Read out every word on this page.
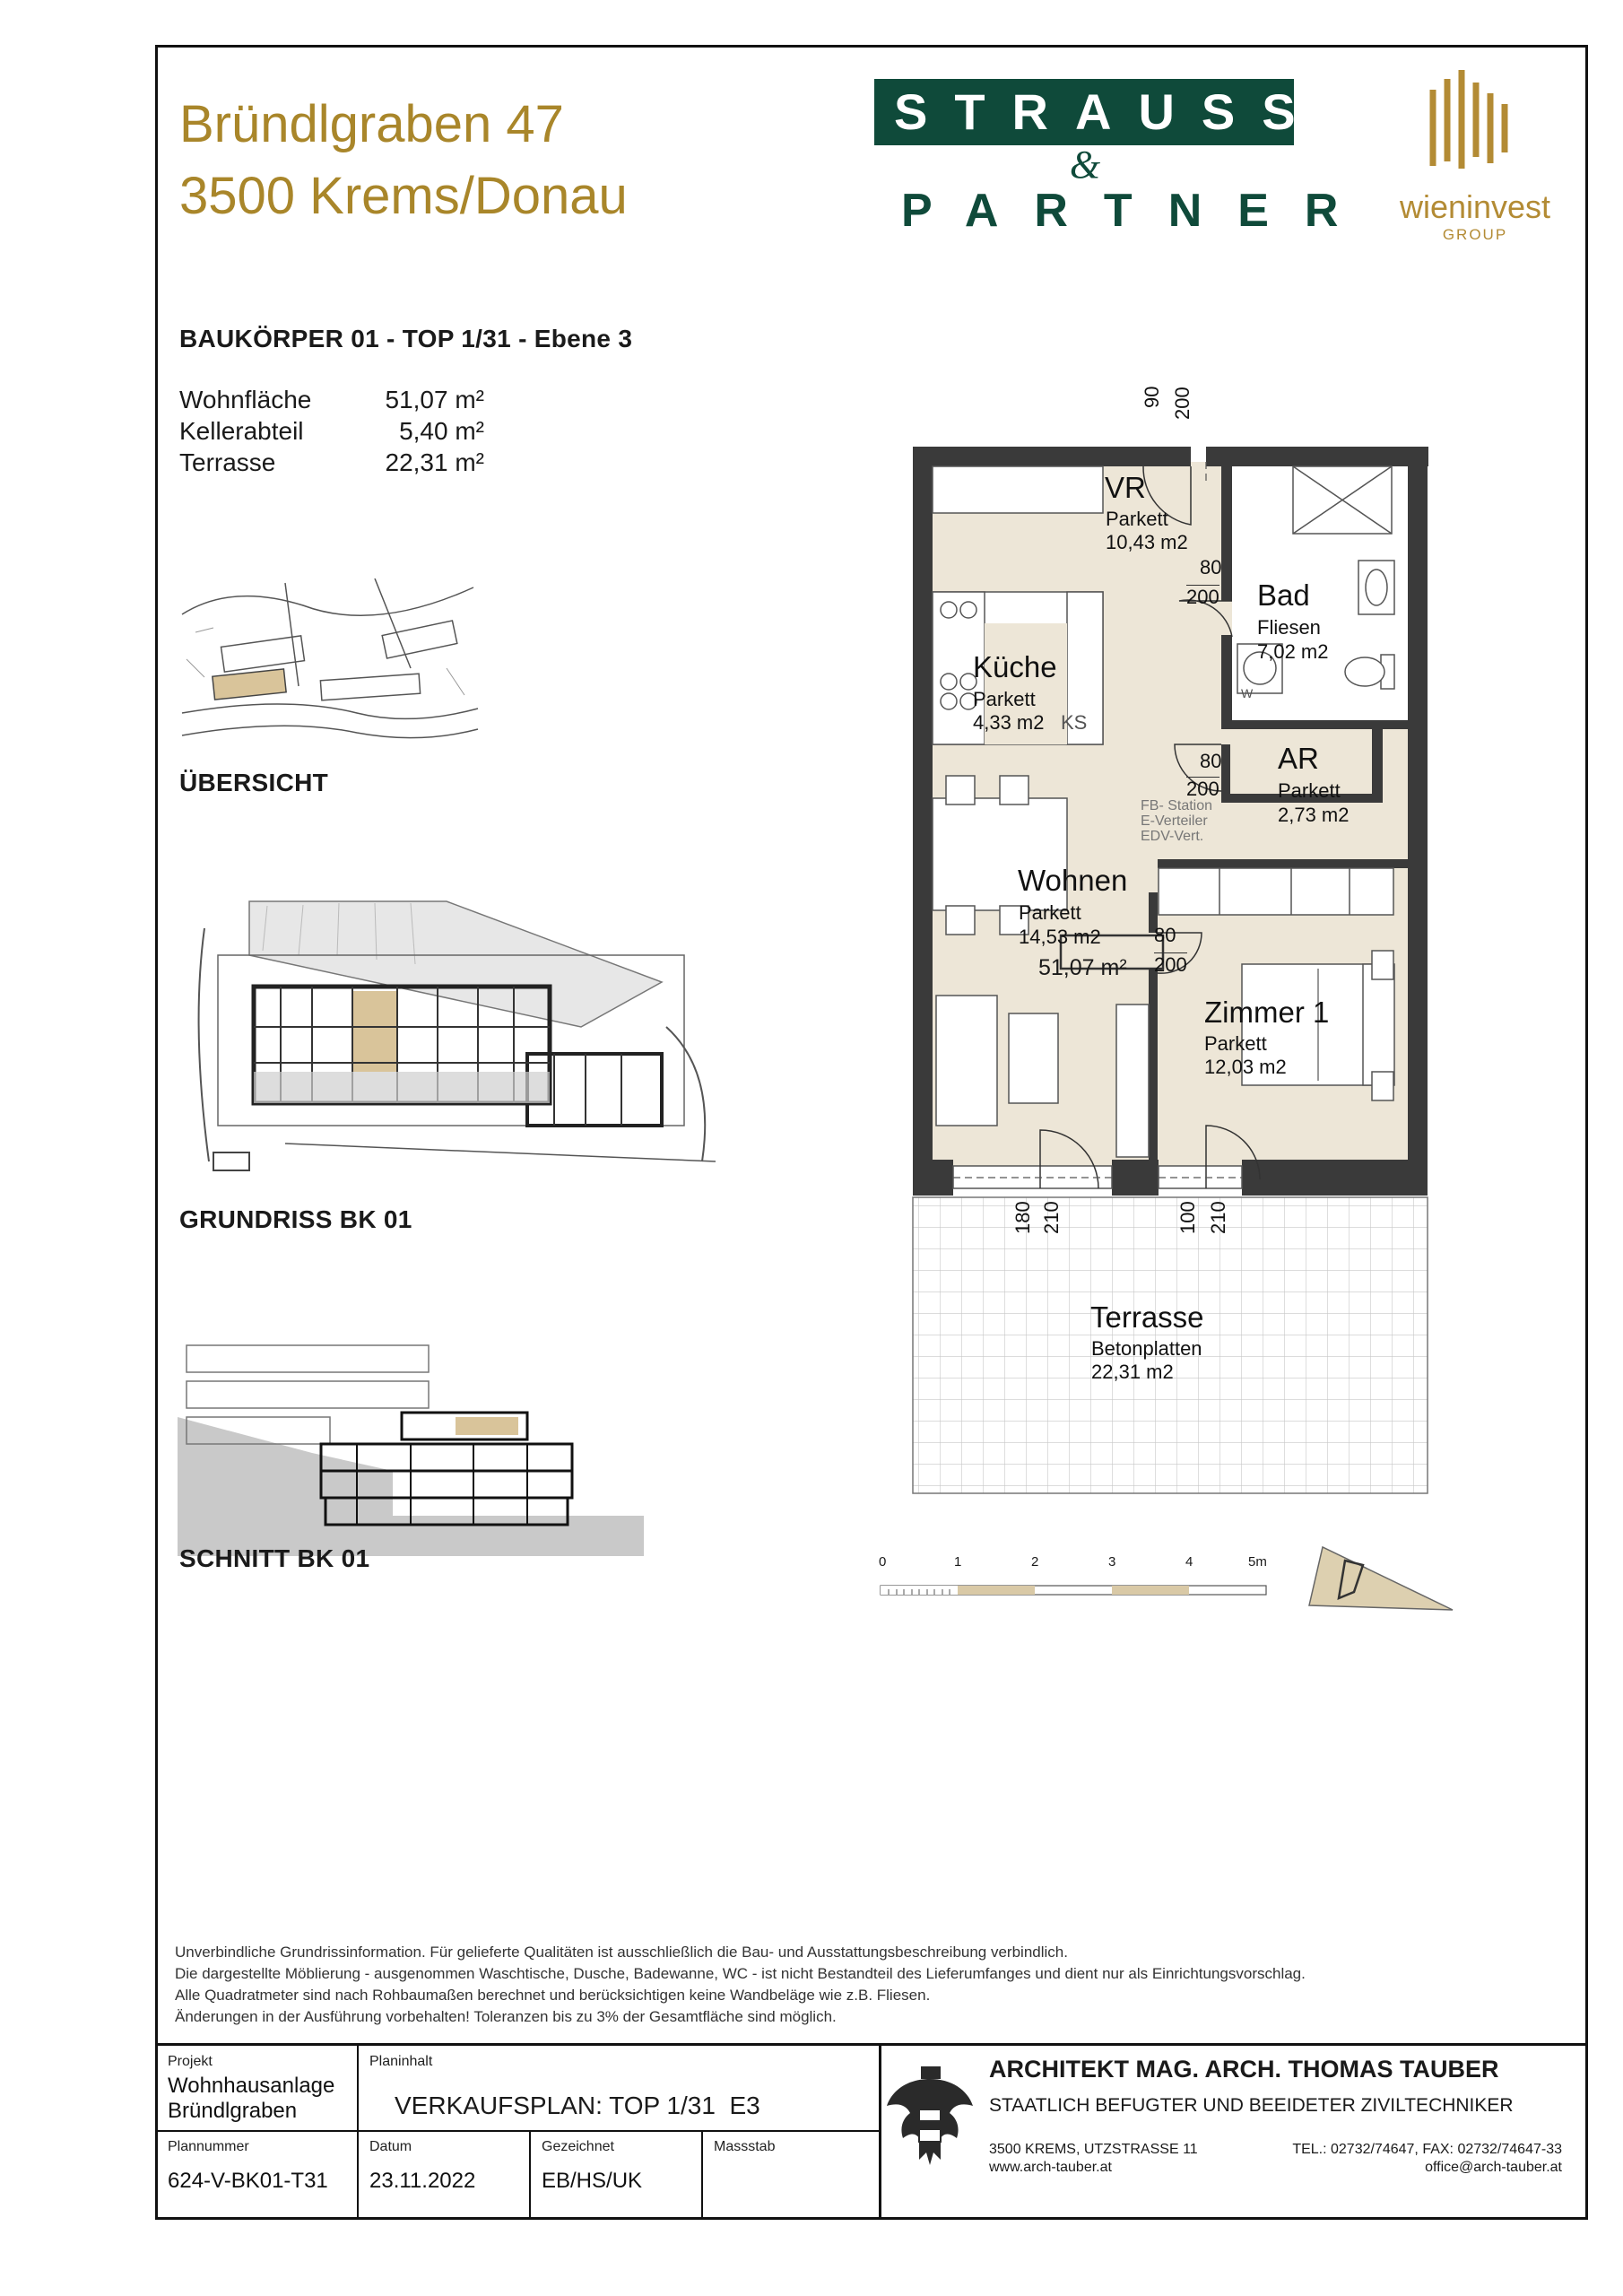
Bründlgraben 47
3500 Krems/Donau
STRAUSS
&
PARTNER wieninvest
GROUP
BAUKÖRPER 01 - TOP 1/31 - Ebene 3
Wohnfläche	51,07 m²
Kellerabteil	5,40 m²
Terrasse	22,31 m²
ÜBERSICHT
GRUNDRISS BK 01
SCHNITT BK 01
VR
Parkett
10,43 m2
Bad
Fliesen
7,02 m2
Küche
Parkett
4,33 m2 KS
AR
Parkett
2,73 m2
FB- Station
E-Verteiler
EDV-Vert.
W
Wohnen
Parkett
14,53 m2
51,07 m²
Zimmer 1
Parkett
12,03 m2
Terrasse
Betonplatten
22,31 m2
90 200
80
200
80
200
80
200
180 210	100 210
0	1	2	3	4	5m
Unverbindliche Grundrissinformation. Für gelieferte Qualitäten ist ausschließlich die Bau- und Ausstattungsbeschreibung verbindlich.
Die dargestellte Möblierung - ausgenommen Waschtische, Dusche, Badewanne, WC - ist nicht Bestandteil des Lieferumfanges und dient nur als Einrichtungsvorschlag.
Alle Quadratmeter sind nach Rohbaumaßen berechnet und berücksichtigen keine Wandbeläge wie z.B. Fliesen.
Änderungen in der Ausführung vorbehalten! Toleranzen bis zu 3% der Gesamtfläche sind möglich.
Projekt
Wohnhausanlage
Bründlgraben
Planinhalt
VERKAUFSPLAN: TOP 1/31  E3
Plannummer
624-V-BK01-T31
Datum
23.11.2022
Gezeichnet
EB/HS/UK
Massstab
ARCHITEKT MAG. ARCH. THOMAS TAUBER
STAATLICH BEFUGTER UND BEEIDETER ZIVILTECHNIKER
3500 KREMS, UTZSTRASSE 11
www.arch-tauber.at
TEL.: 02732/74647, FAX: 02732/74647-33
office@arch-tauber.at
